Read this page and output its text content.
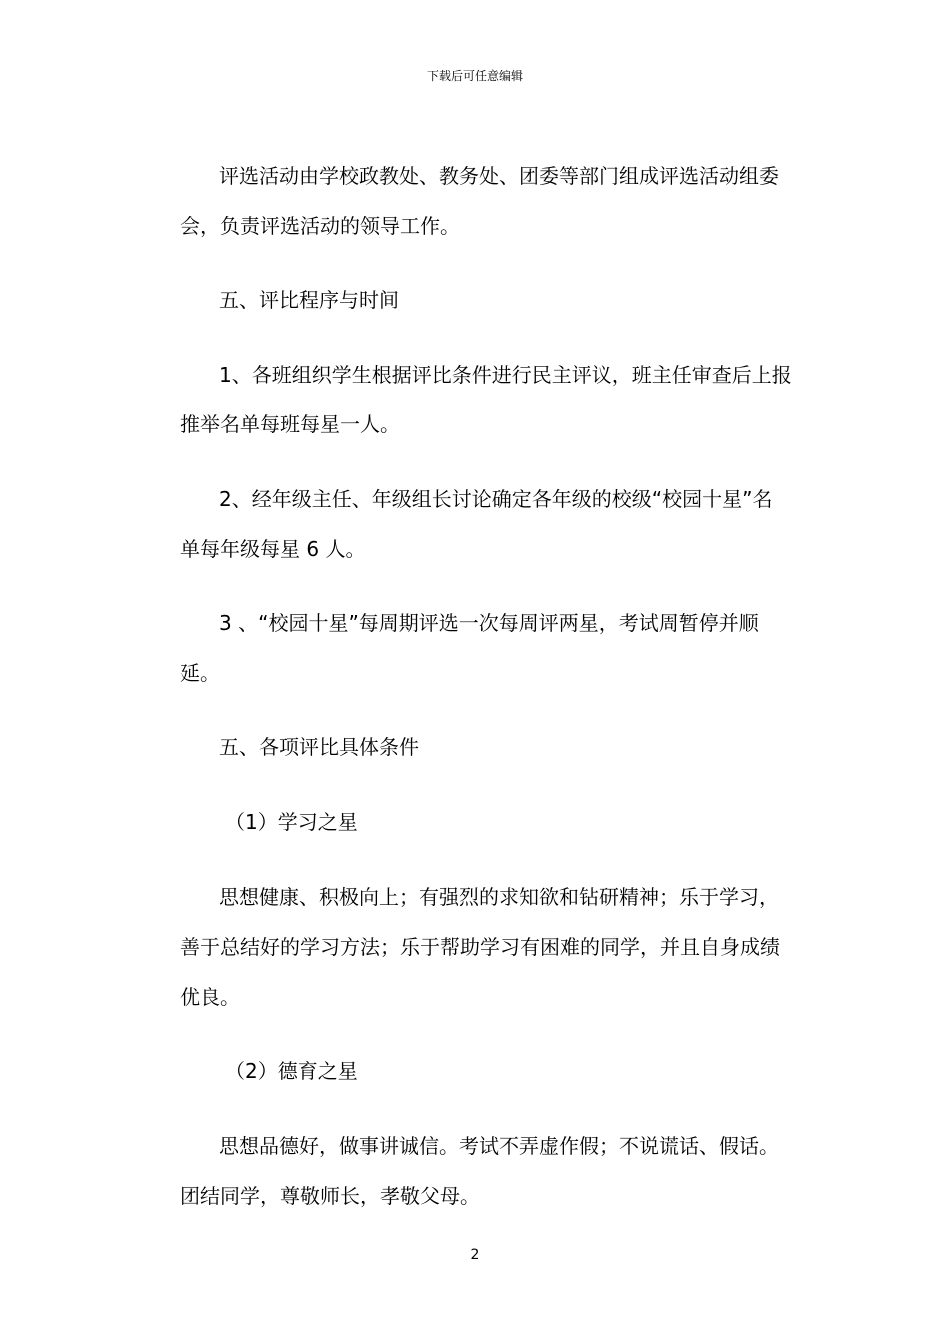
下载后可任意编辑
评选活动由学校政教处、教务处、团委等部门组成评选活动组委
会，负责评选活动的领导工作。
五、评比程序与时间
1、各班组织学生根据评比条件进行民主评议，班主任审查后上报
推举名单每班每星一人。
2、经年级主任、年级组长讨论确定各年级的校级“校园十星”名
单每年级每星 6 人。
3 、“校园十星”每周期评选一次每周评两星，考试周暂停并顺
延。
五、各项评比具体条件
（1）学习之星
思想健康、积极向上；有强烈的求知欲和钻研精神；乐于学习，
善于总结好的学习方法；乐于帮助学习有困难的同学，并且自身成绩
优良。
（2）德育之星
思想品德好，做事讲诚信。考试不弄虚作假；不说谎话、假话。
团结同学，尊敬师长，孝敬父母。
2
